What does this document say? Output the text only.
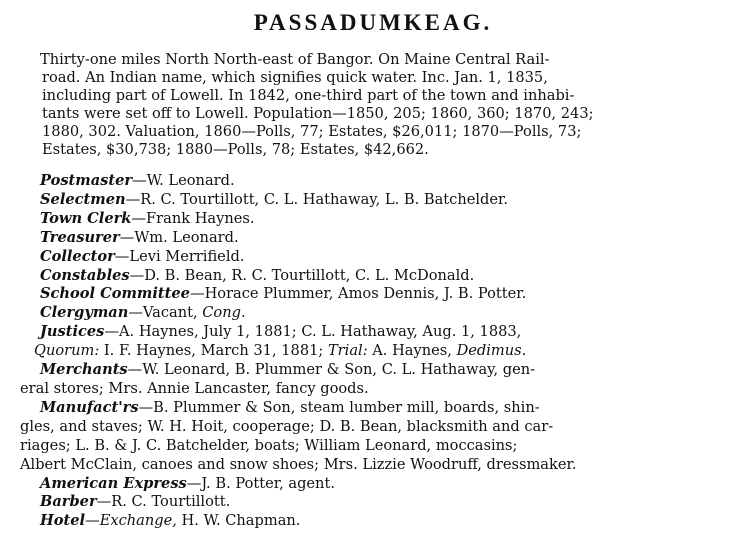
PASSADUMKEAG.
Thirty-one miles North North-east of Bangor. On Maine Central Rail-
road. An Indian name, which signifies quick water. Inc. Jan. 1, 1835,
including part of Lowell. In 1842, one-third part of the town and inhabi-
tants were set off to Lowell. Population—1850, 205; 1860, 360; 1870, 243;
1880, 302. Valuation, 1860—Polls, 77; Estates, $26,011; 1870—Polls, 73;
Estates, $30,738; 1880—Polls, 78; Estates, $42,662.
Postmaster—W. Leonard.
Selectmen—R. C. Tourtillott, C. L. Hathaway, L. B. Batchelder.
Town Clerk—Frank Haynes.
Treasurer—Wm. Leonard.
Collector—Levi Merrifield.
Constables—D. B. Bean, R. C. Tourtillott, C. L. McDonald.
School Committee—Horace Plummer, Amos Dennis, J. B. Potter.
Clergyman—Vacant, Cong.
Justices—A. Haynes, July 1, 1881; C. L. Hathaway, Aug. 1, 1883,
Quorum: I. F. Haynes, March 31, 1881; Trial: A. Haynes, Dedimus.
Merchants—W. Leonard, B. Plummer & Son, C. L. Hathaway, gen-
eral stores; Mrs. Annie Lancaster, fancy goods.
Manufact'rs—B. Plummer & Son, steam lumber mill, boards, shin-
gles, and staves; W. H. Hoit, cooperage; D. B. Bean, blacksmith and car-
riages; L. B. & J. C. Batchelder, boats; William Leonard, moccasins;
Albert McClain, canoes and snow shoes; Mrs. Lizzie Woodruff, dressmaker.
American Express—J. B. Potter, agent.
Barber—R. C. Tourtillott.
Hotel—Exchange, H. W. Chapman.
